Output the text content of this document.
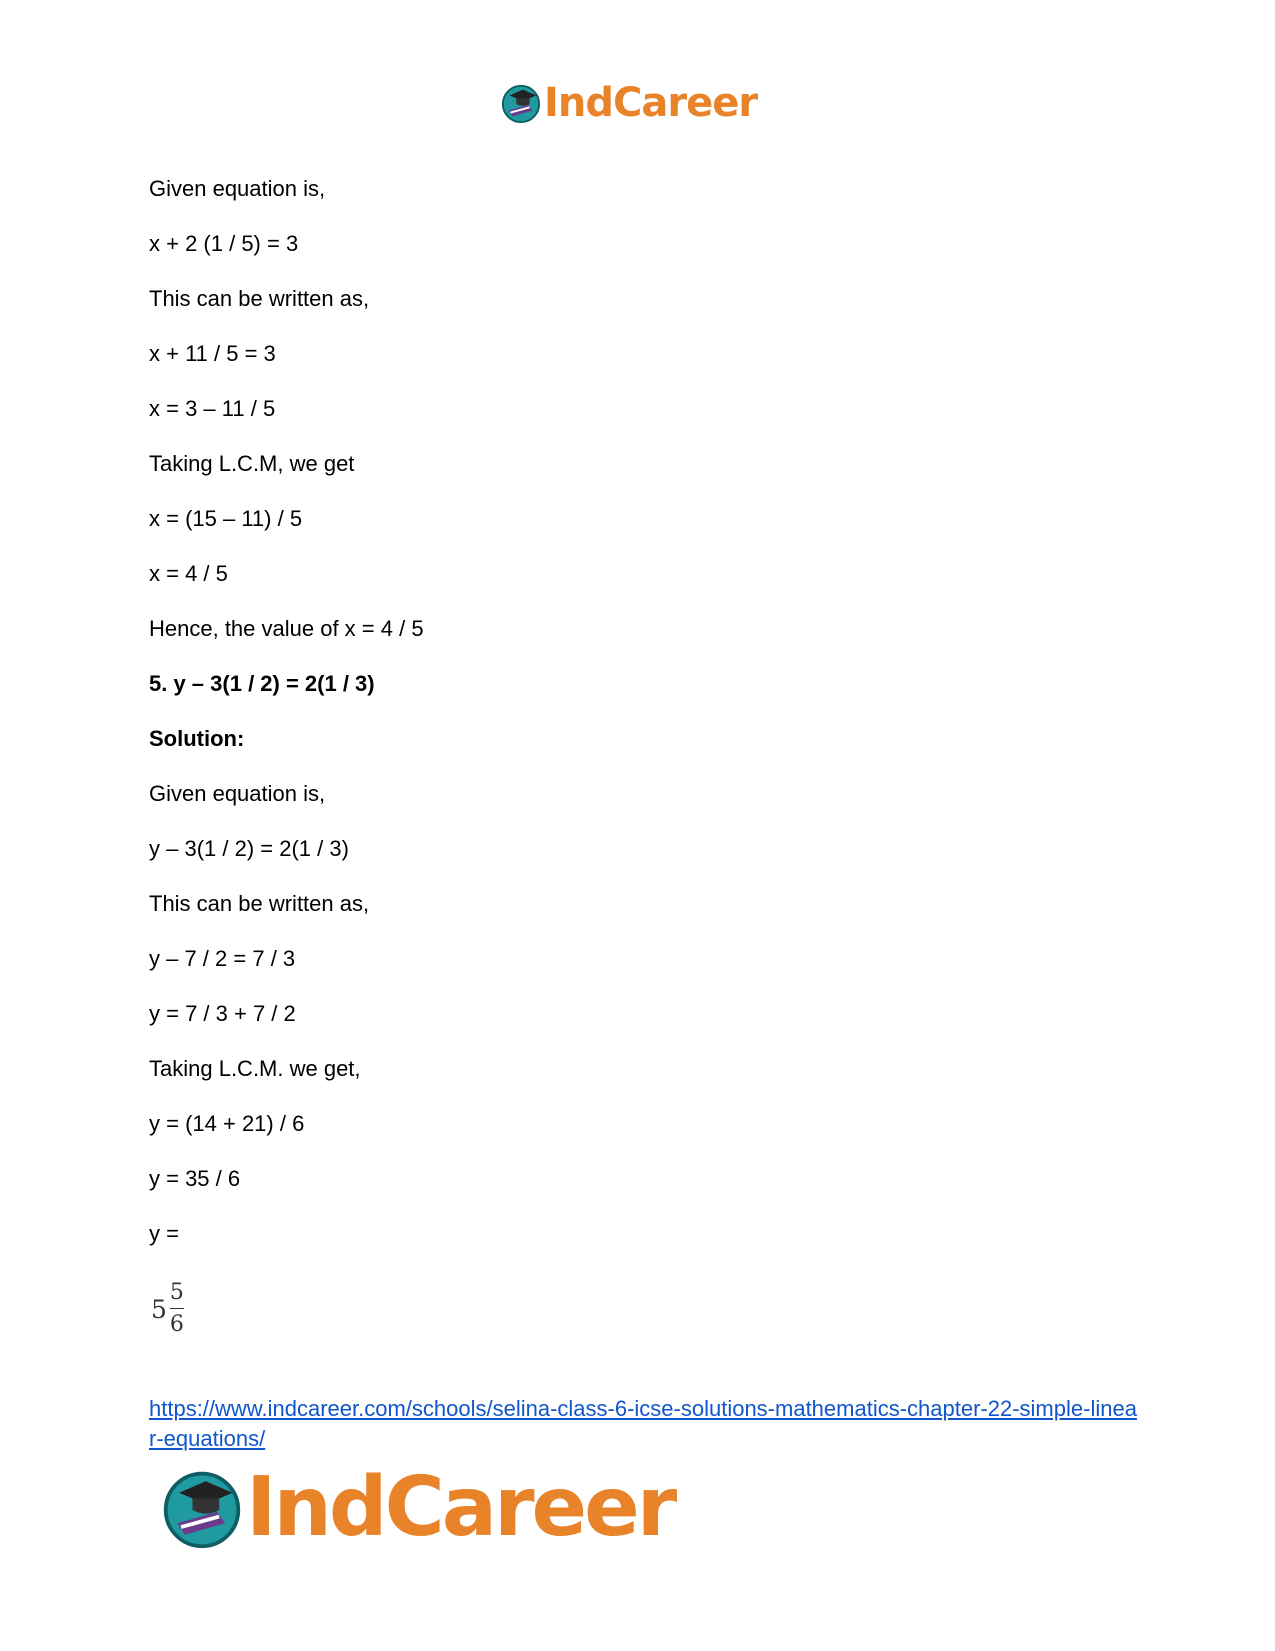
IndCareer

Given equation is,

x + 2 (1 / 5) = 3

This can be written as,

x + 11 / 5 = 3

x = 3 – 11 / 5

Taking L.C.M, we get

x = (15 – 11) / 5

x = 4 / 5

Hence, the value of x = 4 / 5

5. y – 3(1 / 2) = 2(1 / 3)

Solution:

Given equation is,

y – 3(1 / 2) = 2(1 / 3)

This can be written as,

y – 7 / 2 = 7 / 3

y = 7 / 3 + 7 / 2

Taking L.C.M. we get,

y = (14 + 21) / 6

y = 35 / 6

y =

$5 \frac{5}{6}$
https://www.indcareer.com/schools/selina-class-6-icse-solutions-mathematics-chapter-22-simple-linear-equations/
IndCareer
